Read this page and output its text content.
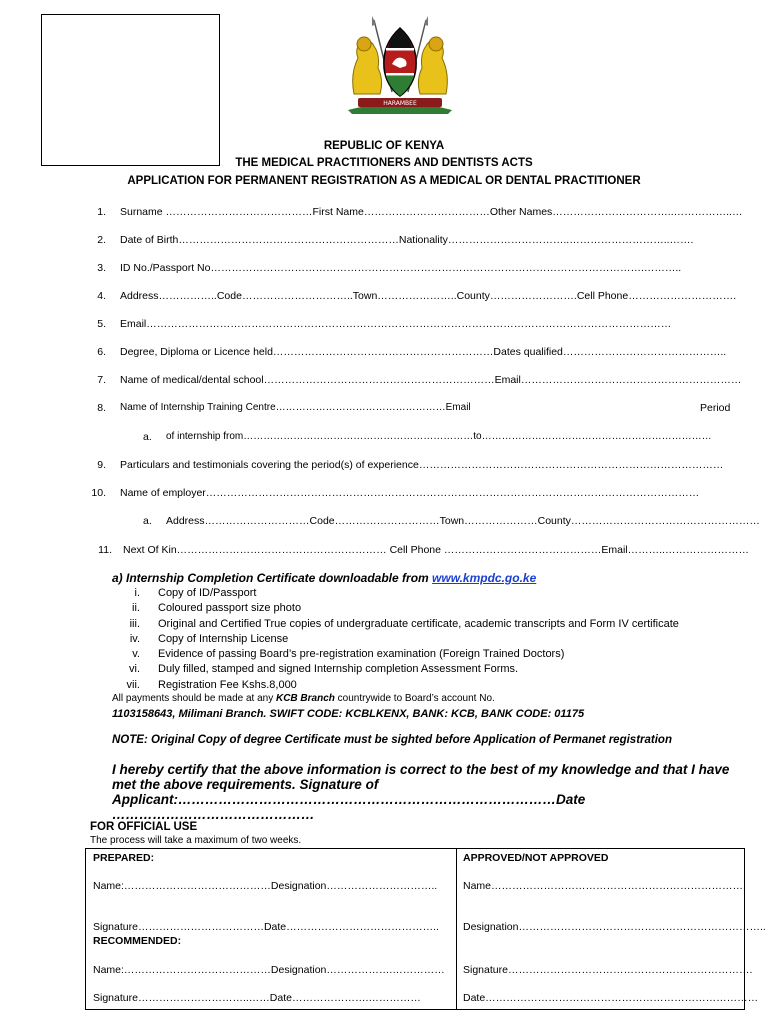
HARAMBEE
REPUBLIC OF KENYA
THE MEDICAL PRACTITIONERS AND DENTISTS ACTS
APPLICATION FOR PERMANENT REGISTRATION AS A MEDICAL OR DENTAL PRACTITIONER
1. Surname ……………………………………First Name………………………………Other Names……………………………..……………..…
2. Date of Birth………………………………………………………Nationality……………………………..………………………..…….
3. ID No./Passport No…………………………………………………………………………………………………………….………..
4. Address……………..Code…………………………..Town…………………..County…………………….Cell Phone………………………….
5. Email……………………………………………………………………………………………………………………………………
6. Degree, Diploma or Licence held………………………………………………………Dates qualified………………………………………..
7. Name of medical/dental school…………………………………………………………Email………………………………………………………
8. Name of Internship Training Centre……………………………………………Email	Period
a. of internship from……………………………………………………………to……………………………………………………………
9. Particulars and testimonials covering the period(s) of experience……………………………………………………………………………
10. Name of employer……………………………………………………………………………………………………………………………
a. Address…………………………Code…………………………Town…………………County………………………………………………
11. Next Of Kin…………………………………………………… Cell Phone ………………………………………Email………..……………………
a) Internship Completion Certificate downloadable from www.kmpdc.go.ke
i. Copy of ID/Passport
ii. Coloured passport size photo
iii. Original and Certified True copies of undergraduate certificate, academic transcripts and Form IV certificate
iv. Copy of Internship License
v. Evidence of passing Board’s pre-registration examination (Foreign Trained Doctors)
vi. Duly filled, stamped and signed Internship completion Assessment Forms.
vii. Registration Fee Kshs.8,000
All payments should be made at any KCB Branch countrywide to Board’s account No.
1103158643, Milimani Branch. SWIFT CODE: KCBLKENX, BANK: KCB, BANK CODE: 01175
NOTE: Original Copy of degree Certificate must be sighted before Application of Permanet registration
I hereby certify that the above information is correct to the best of my knowledge and that I have met the above requirements. Signature of Applicant:…………………………………………………………………………Date ………………………………………
FOR OFFICIAL USE
The process will take a maximum of two weeks.
PREPARED:
Name:……………………………………Designation…………………………..
Signature………………………………Date……………………………………..
RECOMMENDED:
Name:……………………………………Designation……………….……………
Signature…………………………..……Date………………….……………
APPROVED/NOT APPROVED
Name……………………………………………………………….
Designation……………………………………………………………..
Signature…………………………………………………………….
Date……………………………………………………………………
